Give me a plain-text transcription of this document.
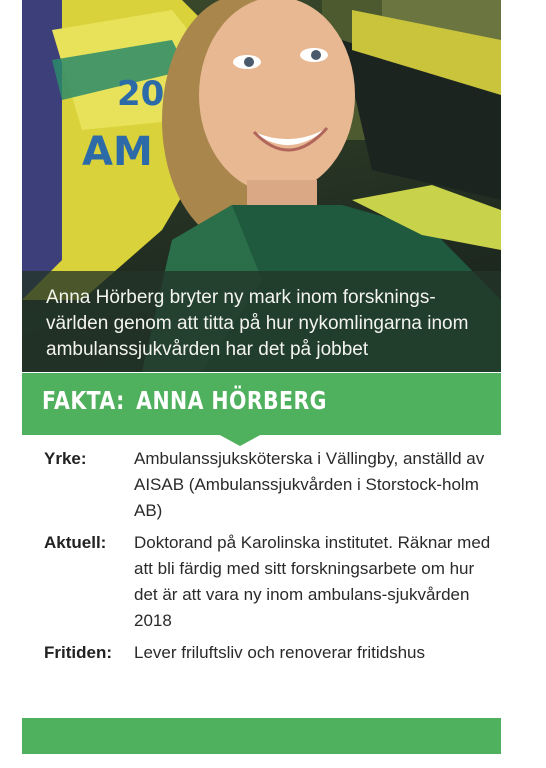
20
AM
Anna Hörberg bryter ny mark inom forsknings-världen genom att titta på hur nykomlingarna inom ambulanssjukvården har det på jobbet
FAKTA: ANNA HÖRBERG
Yrke:	Ambulanssjuksköterska i Vällingby, anställd av AISAB (Ambulanssjukvården i Storstock-holm AB)
Aktuell:	Doktorand på Karolinska institutet. Räknar med att bli färdig med sitt forskningsarbete om hur det är att vara ny inom ambulans-sjukvården 2018
Fritiden:	Lever friluftsliv och renoverar fritidshus
